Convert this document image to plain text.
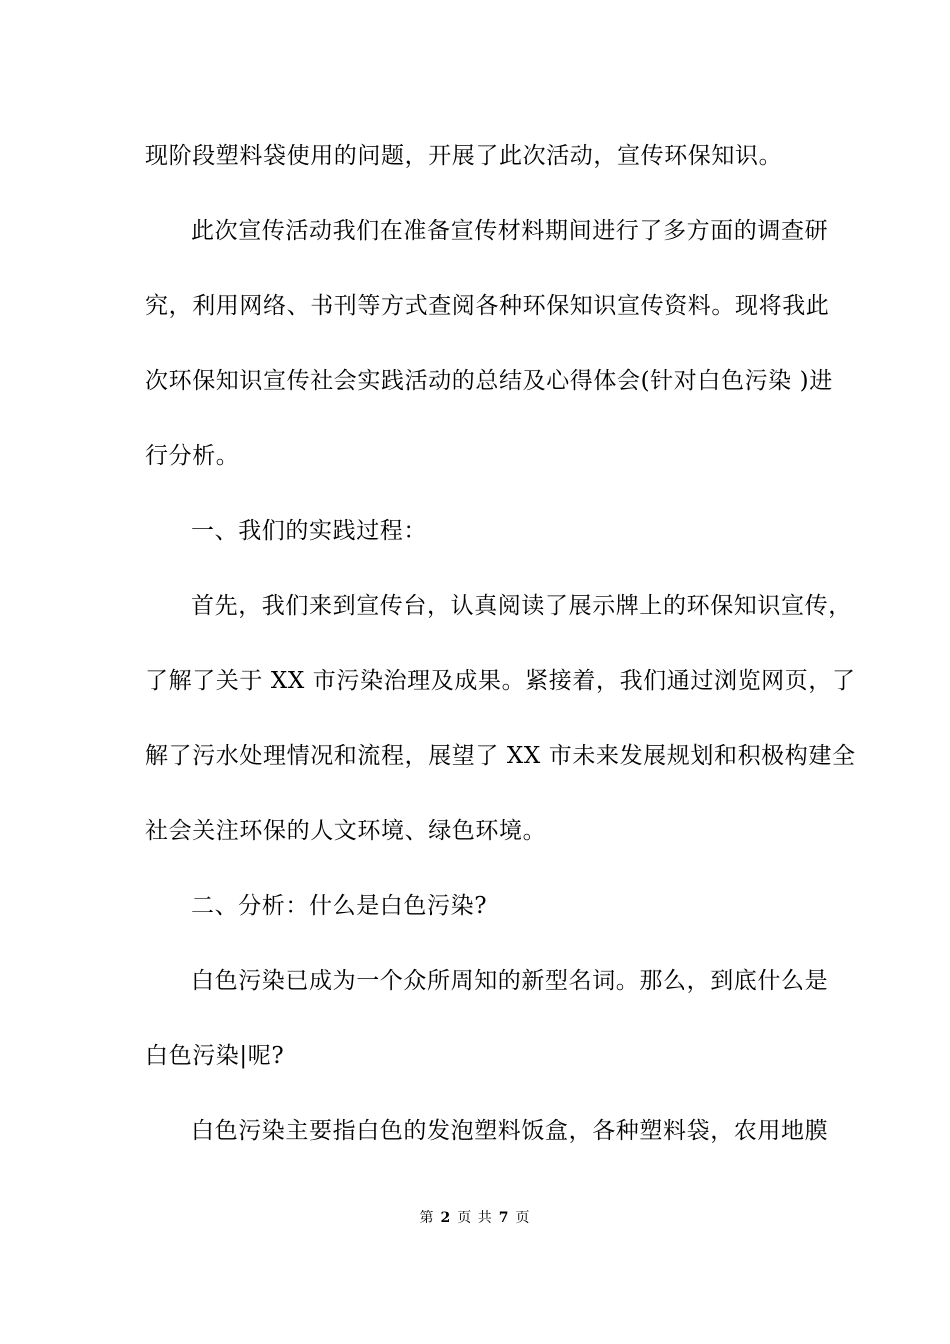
现阶段塑料袋使用的问题，开展了此次活动，宣传环保知识。
此次宣传活动我们在准备宣传材料期间进行了多方面的调查研
究，利用网络、书刊等方式查阅各种环保知识宣传资料。现将我此
次环保知识宣传社会实践活动的总结及心得体会(针对白色污染 )进
行分析。
一、我们的实践过程：
首先，我们来到宣传台，认真阅读了展示牌上的环保知识宣传，
了解了关于 XX 市污染治理及成果。紧接着，我们通过浏览网页，了
解了污水处理情况和流程，展望了 XX 市未来发展规划和积极构建全
社会关注环保的人文环境、绿色环境。
二、分析：什么是白色污染?
白色污染已成为一个众所周知的新型名词。那么，到底什么是
白色污染|呢?
白色污染主要指白色的发泡塑料饭盒，各种塑料袋，农用地膜
第 2 页 共 7 页
